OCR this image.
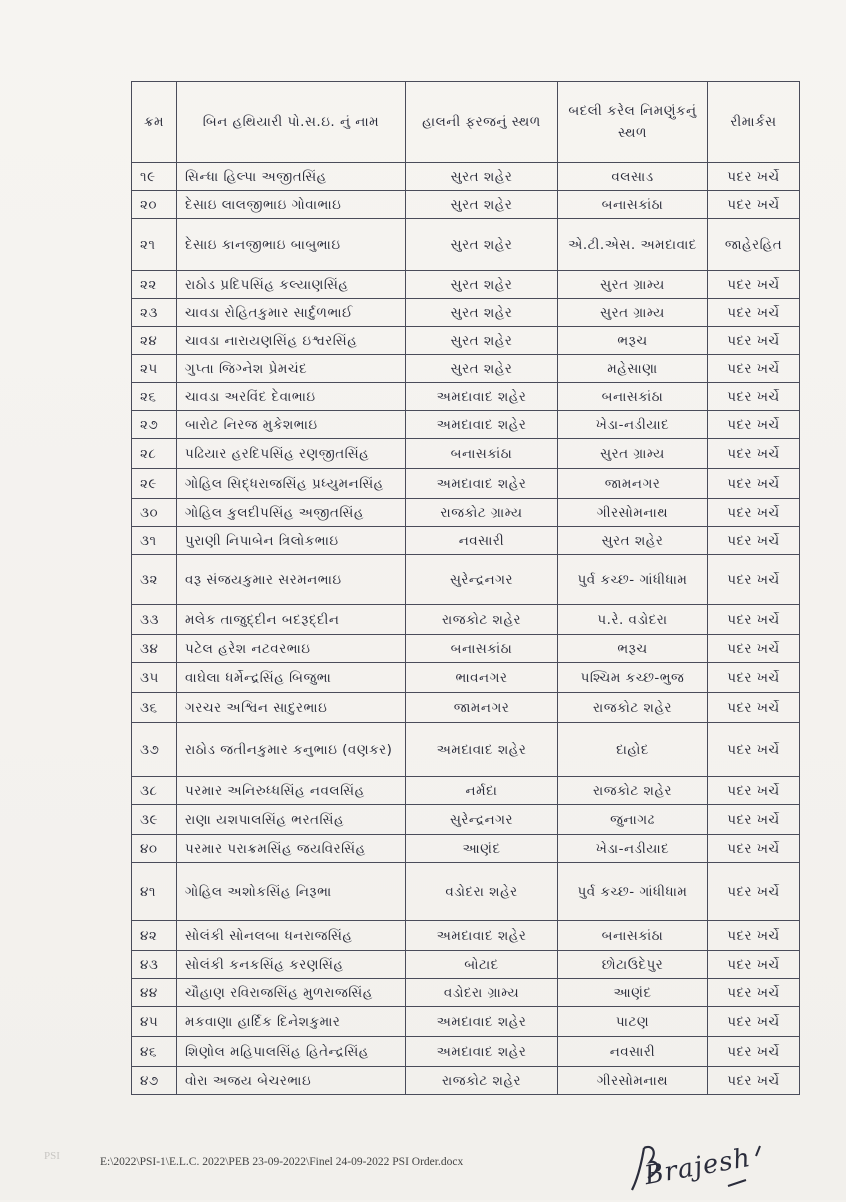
ક્રમ	બિન હથિયારી પો.સ.ઇ. નું નામ	હાલની ફરજનું સ્થળ	બદલી કરેલ નિમણુંકનું સ્થળ	રીમાર્કસ
૧૯	સિન્ધા હિલ્પા અજીતસિંહ	સુરત શહેર	વલસાડ	પદર ખર્ચે
૨૦	દેસાઇ લાલજીભાઇ ગોવાભાઇ	સુરત શહેર	બનાસકાંઠા	પદર ખર્ચે
૨૧	દેસાઇ કાનજીભાઇ બાબુભાઇ	સુરત શહેર	એ.ટી.એસ. અમદાવાદ	જાહેરહિત
૨૨	રાઠોડ પ્રદિપસિંહ કલ્યાણસિંહ	સુરત શહેર	સુરત ગ્રામ્ય	પદર ખર્ચે
૨૩	ચાવડા રોહિતકુમાર સાર્દુળભાઈ	સુરત શહેર	સુરત ગ્રામ્ય	પદર ખર્ચે
૨૪	ચાવડા નારાયણસિંહ ઇશ્વરસિંહ	સુરત શહેર	ભરૂચ	પદર ખર્ચે
૨૫	ગુપ્તા જિગ્નેશ પ્રેમચંદ	સુરત શહેર	મહેસાણા	પદર ખર્ચે
૨૬	ચાવડા અરવિંદ દેવાભાઇ	અમદાવાદ શહેર	બનાસકાંઠા	પદર ખર્ચે
૨૭	બારોટ નિરજ મુકેશભાઇ	અમદાવાદ શહેર	ખેડા-નડીયાદ	પદર ખર્ચે
૨૮	પઢિયાર હરદિપસિંહ રણજીતસિંહ	બનાસકાંઠા	સુરત ગ્રામ્ય	પદર ખર્ચે
૨૯	ગોહિલ સિદ્ધરાજસિંહ પ્રધ્યુમનસિંહ	અમદાવાદ શહેર	જામનગર	પદર ખર્ચે
૩૦	ગોહિલ કુલદીપસિંહ અજીતસિંહ	રાજકોટ ગ્રામ્ય	ગીરસોમનાથ	પદર ખર્ચે
૩૧	પુરાણી નિપાબેન ત્રિલોકભાઇ	નવસારી	સુરત શહેર	પદર ખર્ચે
૩૨	વરૂ સંજયકુમાર સરમનભાઇ	સુરેન્દ્રનગર	પુર્વ કચ્છ- ગાંધીધામ	પદર ખર્ચે
૩૩	મલેક તાજુદ્દીન બદરૂદ્દીન	રાજકોટ શહેર	પ.રે. વડોદરા	પદર ખર્ચે
૩૪	પટેલ હરેશ નટવરભાઇ	બનાસકાંઠા	ભરૂચ	પદર ખર્ચે
૩૫	વાઘેલા ધર્મેન્દ્રસિંહ બિજુભા	ભાવનગર	પશ્ચિમ કચ્છ-ભુજ	પદર ખર્ચે
૩૬	ગરચર અશ્વિન સાદુરભાઇ	જામનગર	રાજકોટ શહેર	પદર ખર્ચે
૩૭	રાઠોડ જતીનકુમાર કનુભાઇ (વણકર)	અમદાવાદ શહેર	દાહોદ	પદર ખર્ચે
૩૮	પરમાર અનિરુધ્ધસિંહ નવલસિંહ	નર્મદા	રાજકોટ શહેર	પદર ખર્ચે
૩૯	રાણા યશપાલસિંહ ભરતસિંહ	સુરેન્દ્રનગર	જુનાગઢ	પદર ખર્ચે
૪૦	પરમાર પરાક્રમસિંહ જયવિરસિંહ	આણંદ	ખેડા-નડીયાદ	પદર ખર્ચે
૪૧	ગોહિલ અશોકસિંહ નિરૂભા	વડોદરા શહેર	પુર્વ કચ્છ- ગાંધીધામ	પદર ખર્ચે
૪૨	સોલંકી સોનલબા ધનરાજસિંહ	અમદાવાદ શહેર	બનાસકાંઠા	પદર ખર્ચે
૪૩	સોલંકી કનકસિંહ કરણસિંહ	બોટાદ	છોટાઉદેપુર	પદર ખર્ચે
૪૪	ચૌહાણ રવિરાજસિંહ મુળરાજસિંહ	વડોદરા ગ્રામ્ય	આણંદ	પદર ખર્ચે
૪૫	મકવાણા હાર્દિક દિનેશકુમાર	અમદાવાદ શહેર	પાટણ	પદર ખર્ચે
૪૬	શિણોલ મહિપાલસિંહ હિતેન્દ્રસિંહ	અમદાવાદ શહેર	નવસારી	પદર ખર્ચે
૪૭	વોરા અજય બેચરભાઇ	રાજકોટ શહેર	ગીરસોમનાથ	પદર ખર્ચે
PSI	E:\2022\PSI-1\E.L.C. 2022\PEB 23-09-2022\Finel 24-09-2022 PSI Order.docx	Brajesh
